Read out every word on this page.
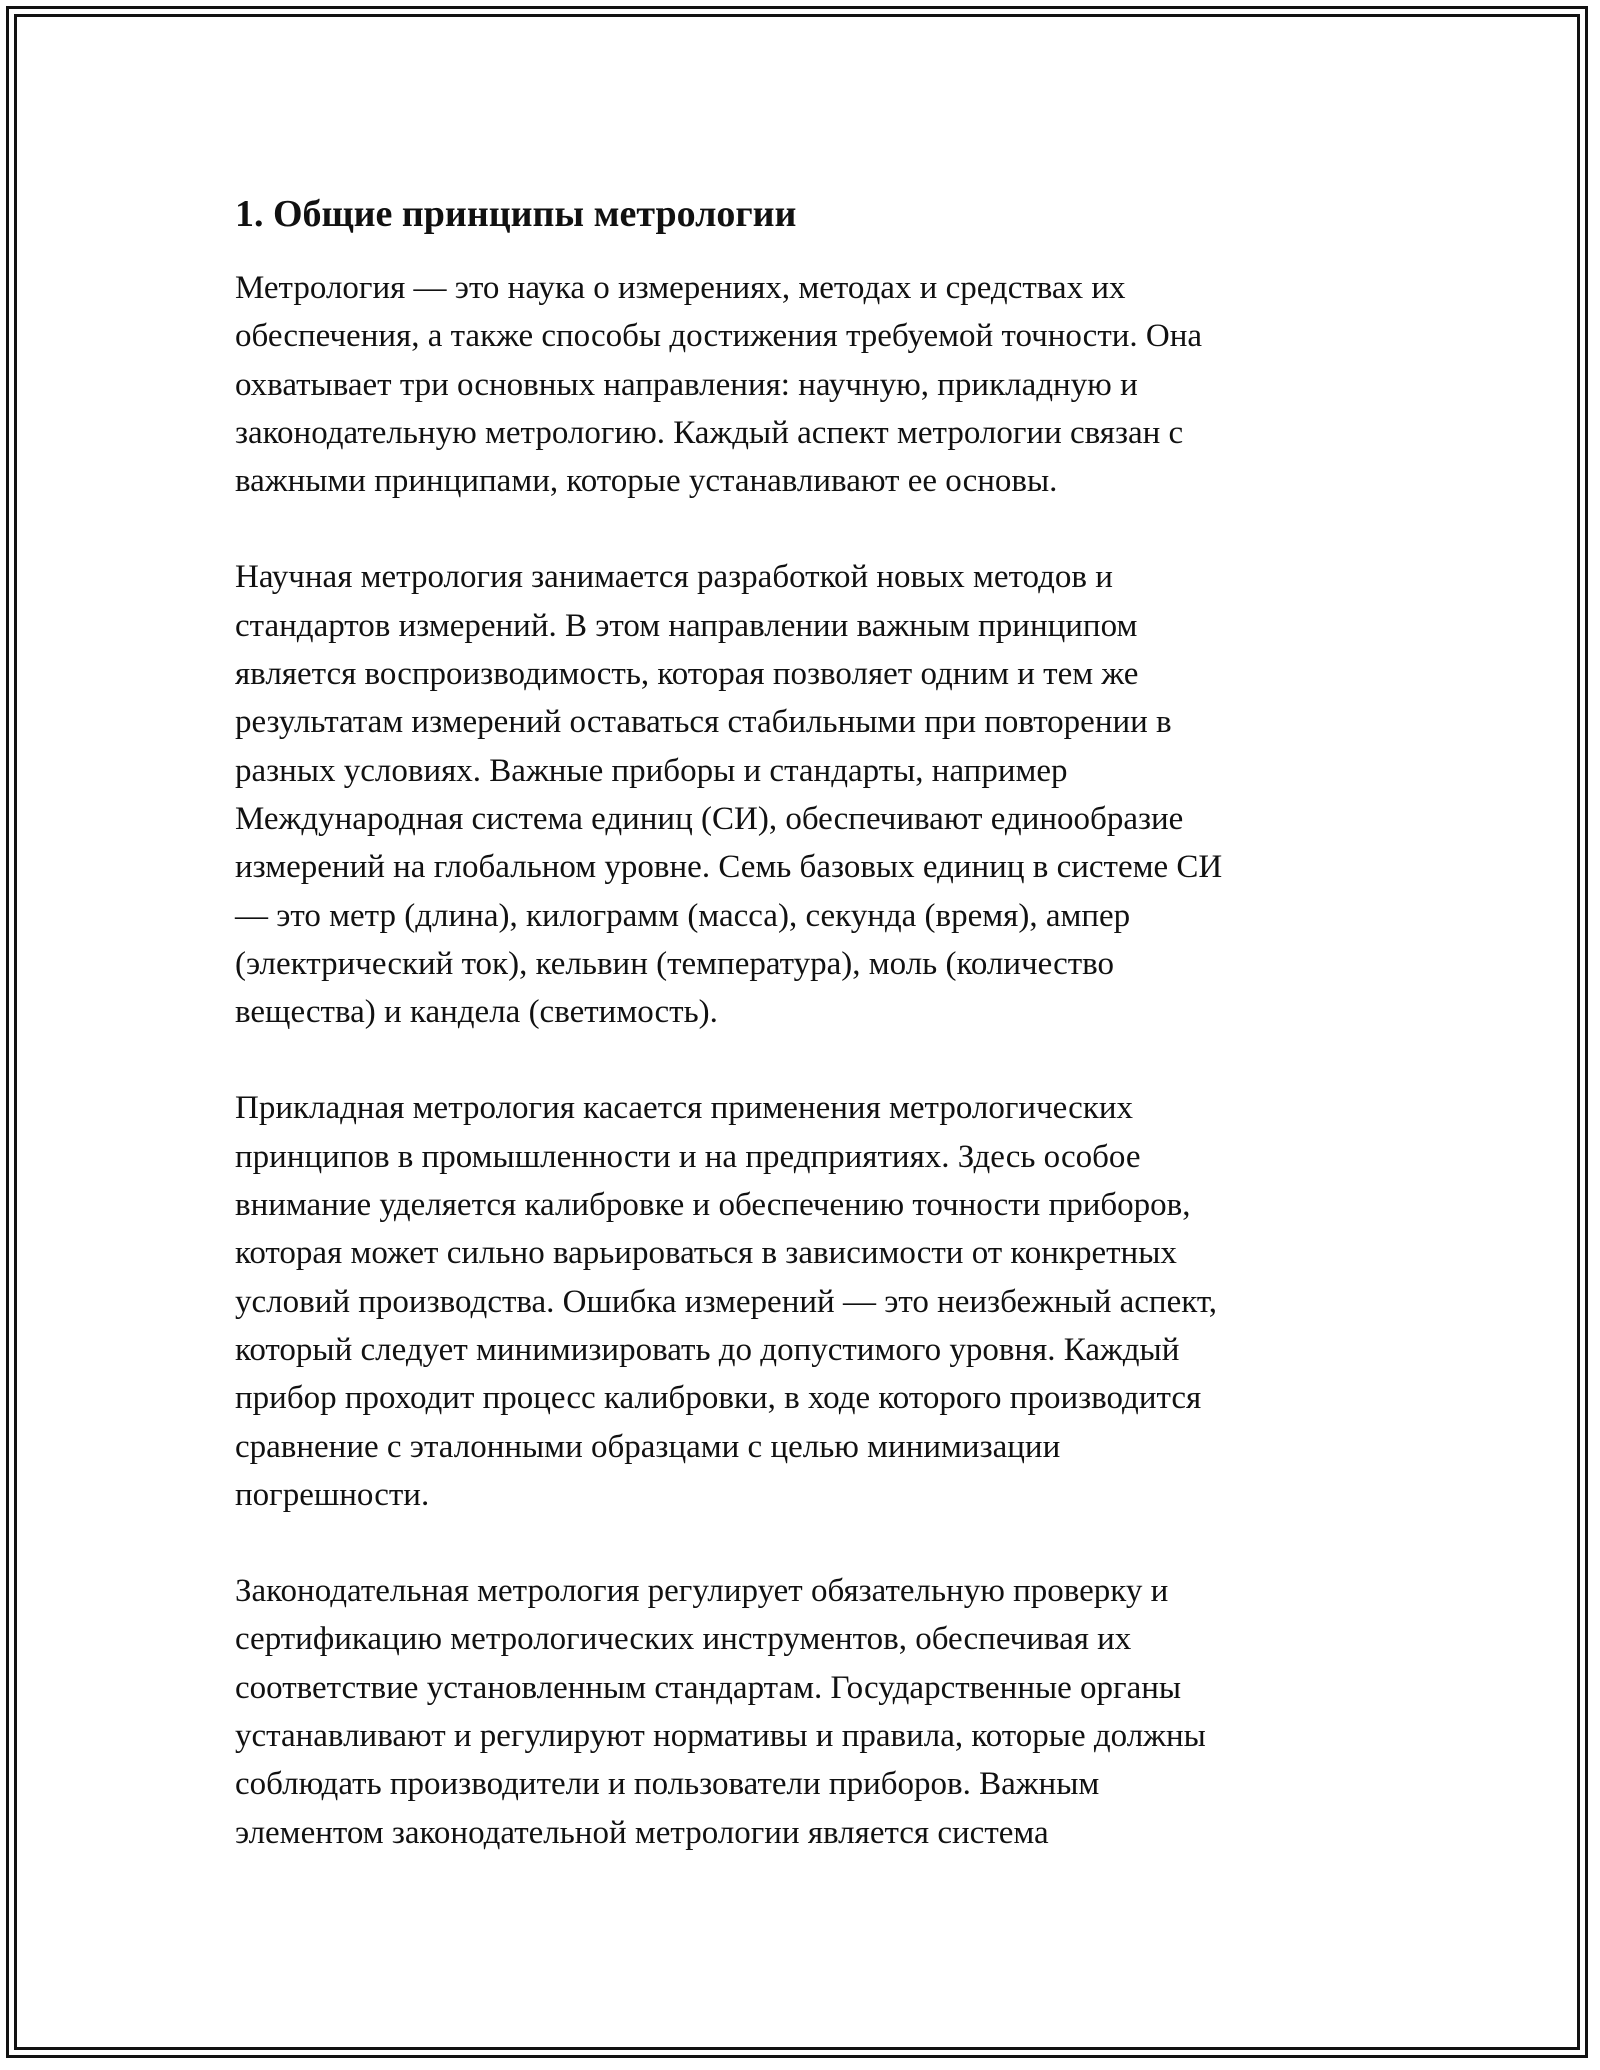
1. Общие принципы метрологии
Метрология — это наука о измерениях, методах и средствах их
обеспечения, а также способы достижения требуемой точности. Она
охватывает три основных направления: научную, прикладную и
законодательную метрологию. Каждый аспект метрологии связан с
важными принципами, которые устанавливают ее основы.
Научная метрология занимается разработкой новых методов и
стандартов измерений. В этом направлении важным принципом
является воспроизводимость, которая позволяет одним и тем же
результатам измерений оставаться стабильными при повторении в
разных условиях. Важные приборы и стандарты, например
Международная система единиц (СИ), обеспечивают единообразие
измерений на глобальном уровне. Семь базовых единиц в системе СИ
— это метр (длина), килограмм (масса), секунда (время), ампер
(электрический ток), кельвин (температура), моль (количество
вещества) и кандела (светимость).
Прикладная метрология касается применения метрологических
принципов в промышленности и на предприятиях. Здесь особое
внимание уделяется калибровке и обеспечению точности приборов,
которая может сильно варьироваться в зависимости от конкретных
условий производства. Ошибка измерений — это неизбежный аспект,
который следует минимизировать до допустимого уровня. Каждый
прибор проходит процесс калибровки, в ходе которого производится
сравнение с эталонными образцами с целью минимизации
погрешности.
Законодательная метрология регулирует обязательную проверку и
сертификацию метрологических инструментов, обеспечивая их
соответствие установленным стандартам. Государственные органы
устанавливают и регулируют нормативы и правила, которые должны
соблюдать производители и пользователи приборов. Важным
элементом законодательной метрологии является система
